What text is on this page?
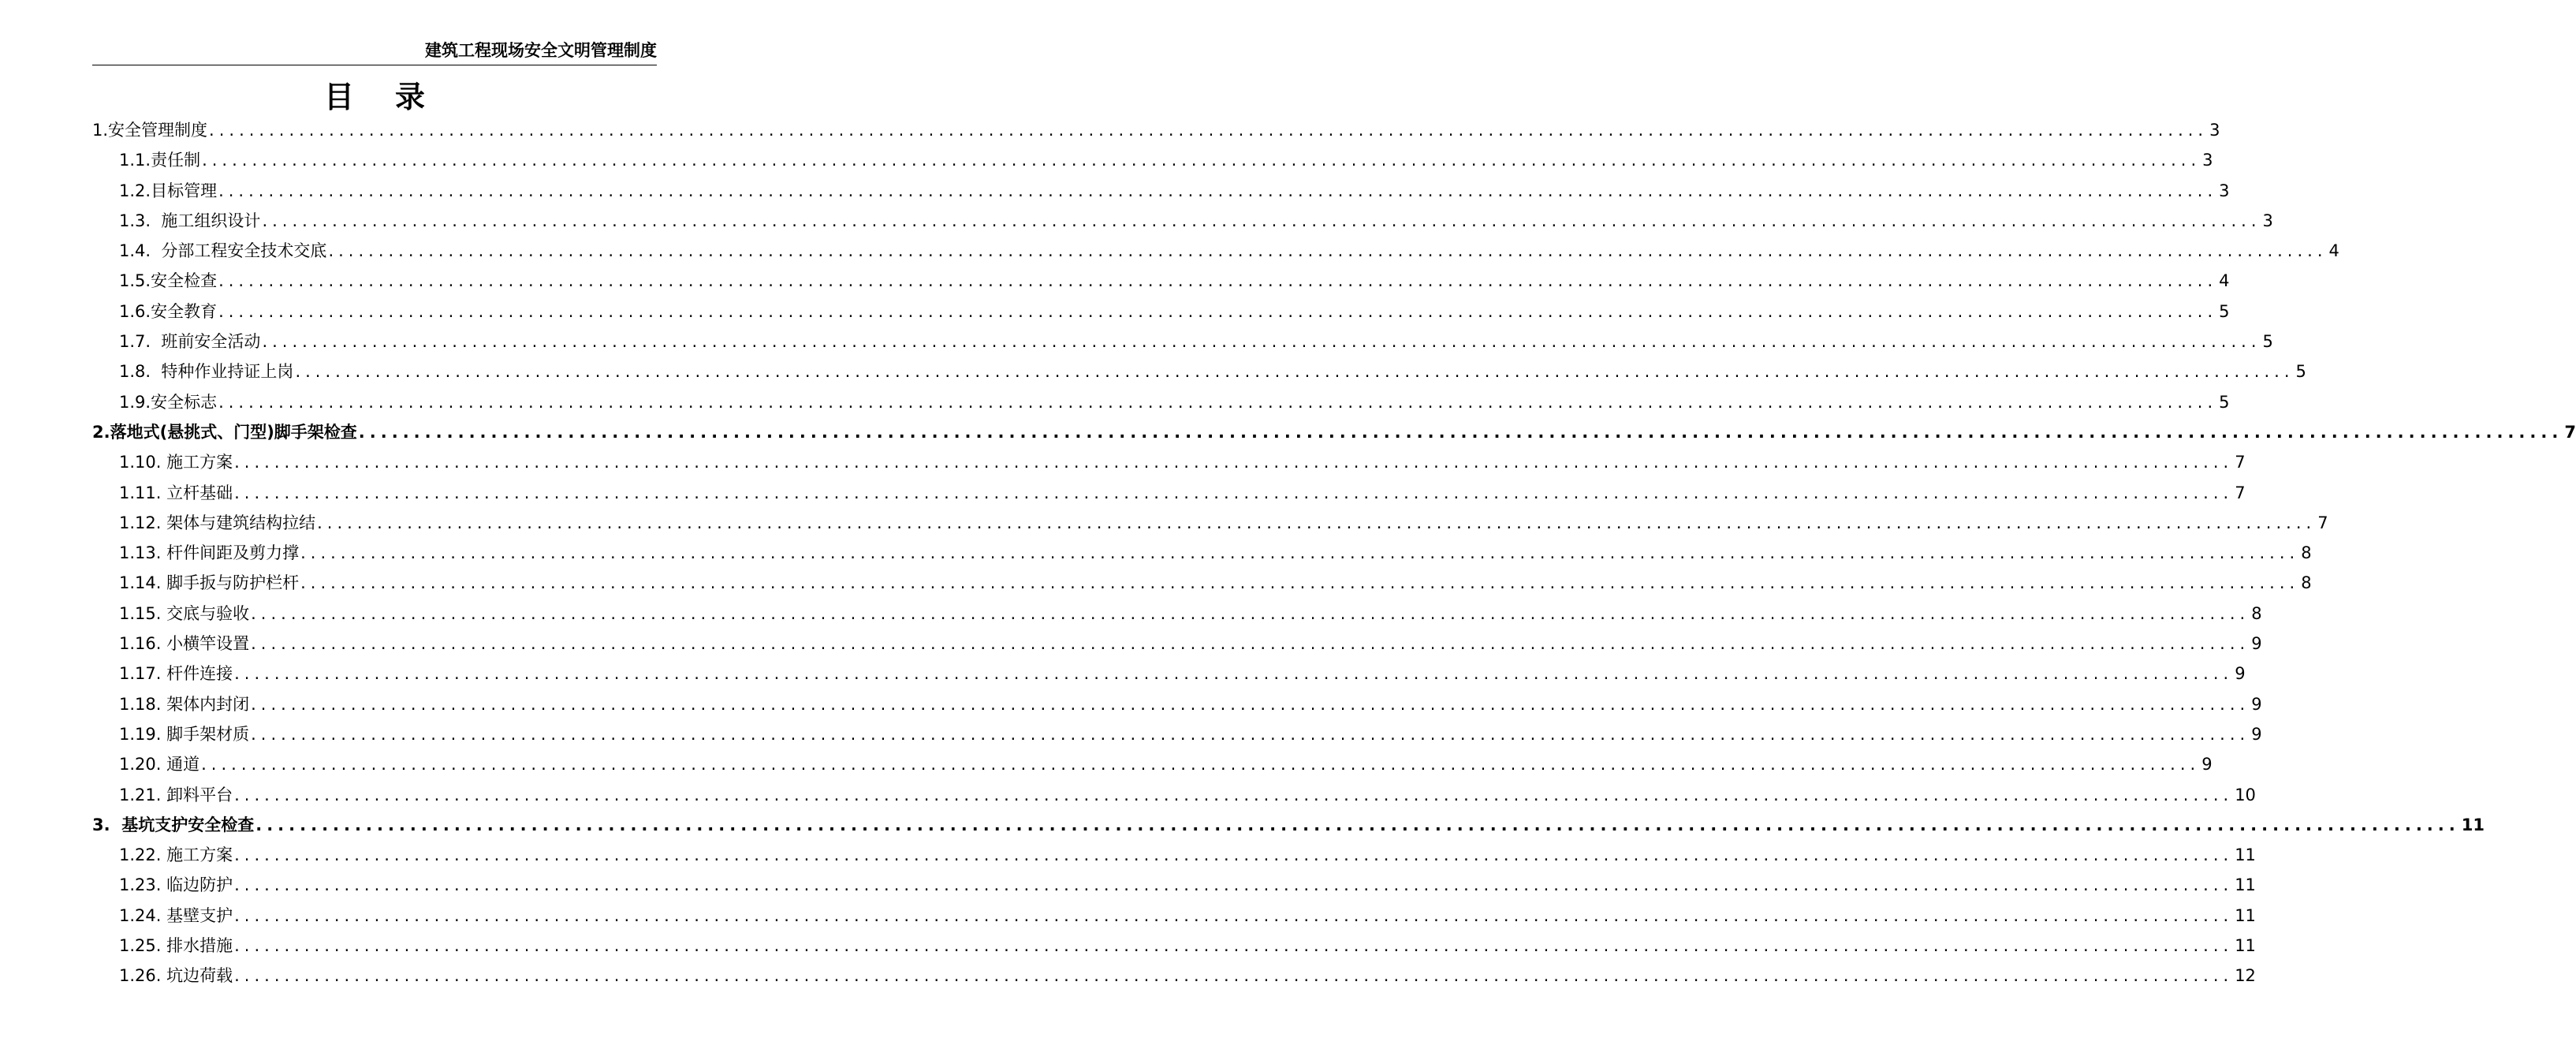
建筑工程现场安全文明管理制度
目录
1. 安全管理制度 ........................................................................................................................................................................................................ 3
1.1. 责任制 ........................................................................................................................................................................................................ 3
1.2. 目标管理 ........................................................................................................................................................................................................ 3
1.3. 施工组织设计 ........................................................................................................................................................................................................ 3
1.4. 分部工程安全技术交底 ........................................................................................................................................................................................................ 4
1.5. 安全检查 ........................................................................................................................................................................................................ 4
1.6. 安全教育 ........................................................................................................................................................................................................ 5
1.7. 班前安全活动 ........................................................................................................................................................................................................ 5
1.8. 特种作业持证上岗 ........................................................................................................................................................................................................ 5
1.9. 安全标志 ........................................................................................................................................................................................................ 5
2. 落地式(悬挑式、门型)脚手架检查 ........................................................................................................................................................................................................ 7
1.10. 施工方案 ........................................................................................................................................................................................................ 7
1.11. 立杆基础 ........................................................................................................................................................................................................ 7
1.12. 架体与建筑结构拉结 ........................................................................................................................................................................................................ 7
1.13. 杆件间距及剪力撑 ........................................................................................................................................................................................................ 8
1.14. 脚手扳与防护栏杆 ........................................................................................................................................................................................................ 8
1.15. 交底与验收 ........................................................................................................................................................................................................ 8
1.16. 小横竿设置 ........................................................................................................................................................................................................ 9
1.17. 杆件连接 ........................................................................................................................................................................................................ 9
1.18. 架体内封闭 ........................................................................................................................................................................................................ 9
1.19. 脚手架材质 ........................................................................................................................................................................................................ 9
1.20. 通道 ........................................................................................................................................................................................................ 9
1.21. 卸料平台 ........................................................................................................................................................................................................ 10
3. 基坑支护安全检查 ........................................................................................................................................................................................................ 11
1.22. 施工方案 ........................................................................................................................................................................................................ 11
1.23. 临边防护 ........................................................................................................................................................................................................ 11
1.24. 基壁支护 ........................................................................................................................................................................................................ 11
1.25. 排水措施 ........................................................................................................................................................................................................ 11
1.26. 坑边荷载 ........................................................................................................................................................................................................ 12
